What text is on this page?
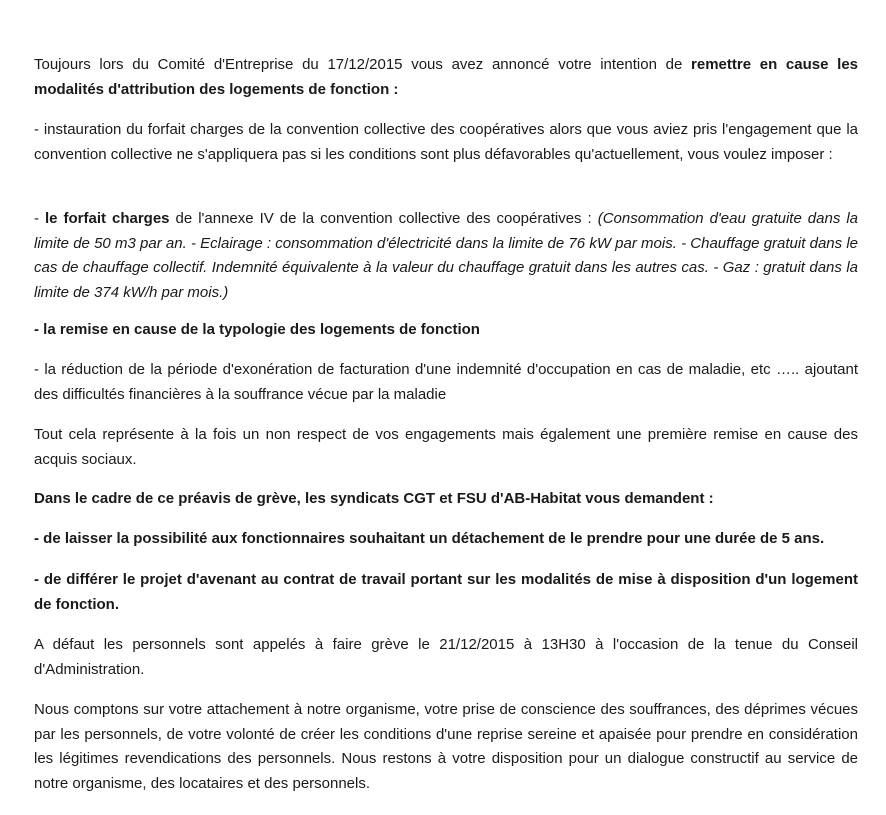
Toujours lors du Comité d'Entreprise du 17/12/2015 vous avez annoncé votre intention de remettre en cause les modalités d'attribution des logements de fonction :

- instauration du forfait charges de la convention collective des coopératives alors que vous aviez pris l'engagement que la convention collective ne s'appliquera pas si les conditions sont plus défavorables qu'actuellement, vous voulez imposer :

- le forfait charges de l'annexe IV de la convention collective des coopératives : (Consommation d'eau gratuite dans la limite de 50 m3 par an. - Eclairage : consommation d'électricité dans la limite de 76 kW par mois. - Chauffage gratuit dans le cas de chauffage collectif. Indemnité équivalente à la valeur du chauffage gratuit dans les autres cas. - Gaz : gratuit dans la limite de 374 kW/h par mois.)

- la remise en cause de la typologie des logements de fonction

- la réduction de la période d'exonération de facturation d'une indemnité d'occupation en cas de maladie, etc ….. ajoutant des difficultés financières à la souffrance vécue par la maladie

Tout cela représente à la fois un non respect de vos engagements mais également une première remise en cause des acquis sociaux.

Dans le cadre de ce préavis de grève, les syndicats CGT et FSU d'AB-Habitat vous demandent :

- de laisser la possibilité aux fonctionnaires souhaitant un détachement de le prendre pour une durée de 5 ans.

- de différer le projet d'avenant au contrat de travail portant sur les modalités de mise à disposition d'un logement de fonction.

A défaut les personnels sont appelés à faire grève le 21/12/2015 à 13H30 à l'occasion de la tenue du Conseil d'Administration.

Nous comptons sur votre attachement à notre organisme, votre prise de conscience des souffrances, des déprimes vécues par les personnels, de votre volonté de créer les conditions d'une reprise sereine et apaisée pour prendre en considération les légitimes revendications des personnels. Nous restons à votre disposition pour un dialogue constructif au service de notre organisme, des locataires et des personnels.
